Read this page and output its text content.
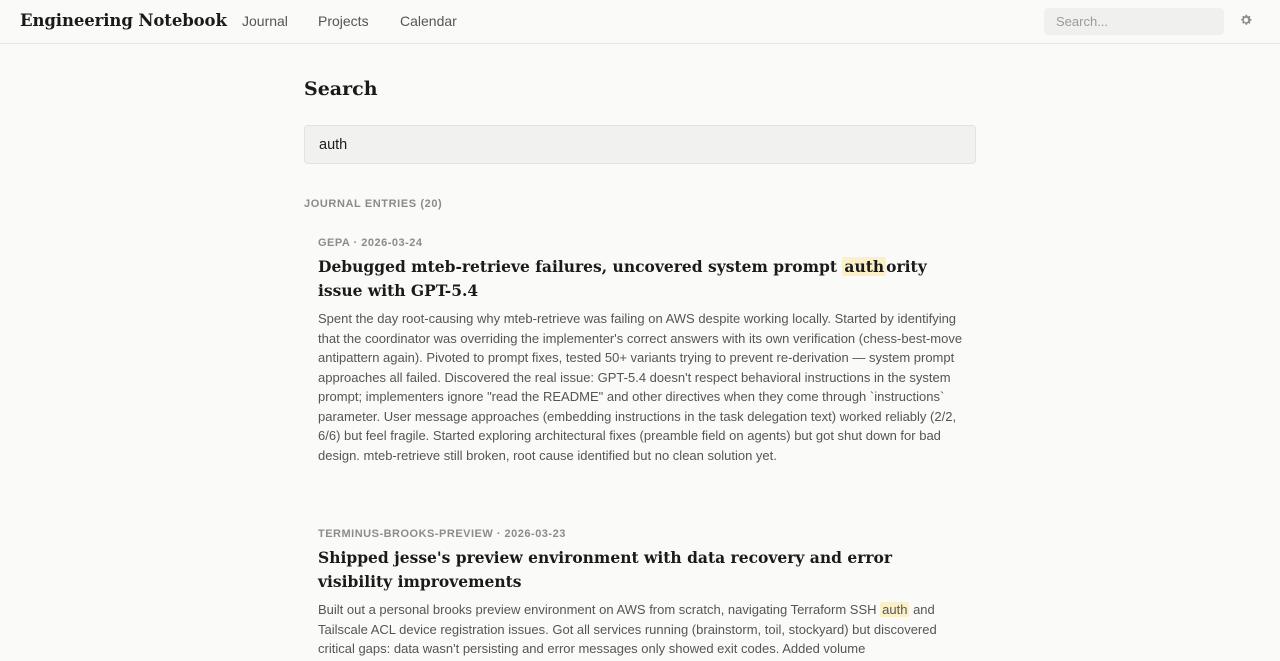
Engineering Notebook Journal Projects Calendar
Search...
Search
auth
JOURNAL ENTRIES (20)
GEPA · 2026-03-24
Debugged mteb-retrieve failures, uncovered system prompt auth ority issue with GPT-5.4
Spent the day root-causing why mteb-retrieve was failing on AWS despite working locally. Started by identifying that the coordinator was overriding the implementer's correct answers with its own verification (chess-best-move antipattern again). Pivoted to prompt fixes, tested 50+ variants trying to prevent re-derivation — system prompt approaches all failed. Discovered the real issue: GPT-5.4 doesn't respect behavioral instructions in the system prompt; implementers ignore "read the README" and other directives when they come through `instructions` parameter. User message approaches (embedding instructions in the task delegation text) worked reliably (2/2, 6/6) but feel fragile. Started exploring architectural fixes (preamble field on agents) but got shut down for bad design. mteb-retrieve still broken, root cause identified but no clean solution yet.
TERMINUS-BROOKS-PREVIEW · 2026-03-23
Shipped jesse's preview environment with data recovery and error visibility improvements
Built out a personal brooks preview environment on AWS from scratch, navigating Terraform SSH auth and Tailscale ACL device registration issues. Got all services running (brainstorm, toil, stockyard) but discovered critical gaps: data wasn't persisting and error messages only showed exit codes. Added volume
